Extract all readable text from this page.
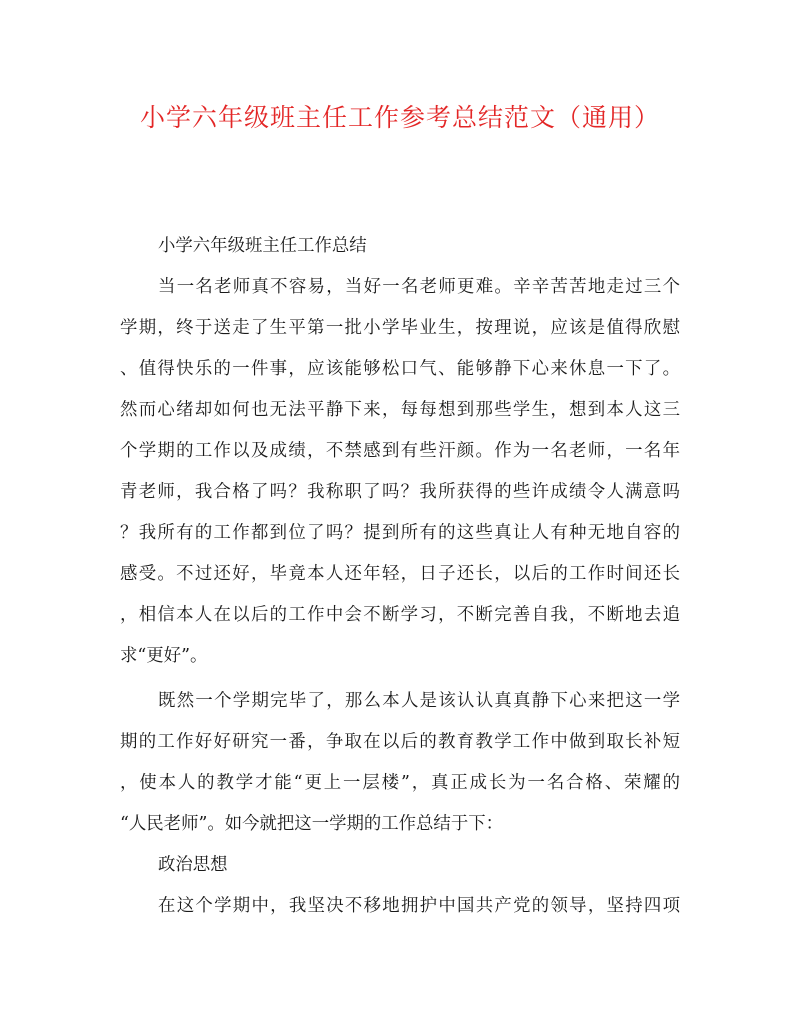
小学六年级班主任工作参考总结范文（通用）
小学六年级班主任工作总结
当一名老师真不容易，当好一名老师更难。辛辛苦苦地走过三个
学期，终于送走了生平第一批小学毕业生，按理说，应该是值得欣慰
、值得快乐的一件事，应该能够松口气、能够静下心来休息一下了。
然而心绪却如何也无法平静下来，每每想到那些学生，想到本人这三
个学期的工作以及成绩，不禁感到有些汗颜。作为一名老师，一名年
青老师，我合格了吗？我称职了吗？我所获得的些许成绩令人满意吗
？我所有的工作都到位了吗？提到所有的这些真让人有种无地自容的
感受。不过还好，毕竟本人还年轻，日子还长，以后的工作时间还长
，相信本人在以后的工作中会不断学习，不断完善自我，不断地去追
求“更好”。
既然一个学期完毕了，那么本人是该认认真真静下心来把这一学
期的工作好好研究一番，争取在以后的教育教学工作中做到取长补短
，使本人的教学才能“更上一层楼”，真正成长为一名合格、荣耀的
“人民老师”。如今就把这一学期的工作总结于下：
政治思想
在这个学期中，我坚决不移地拥护中国共产党的领导，坚持四项
